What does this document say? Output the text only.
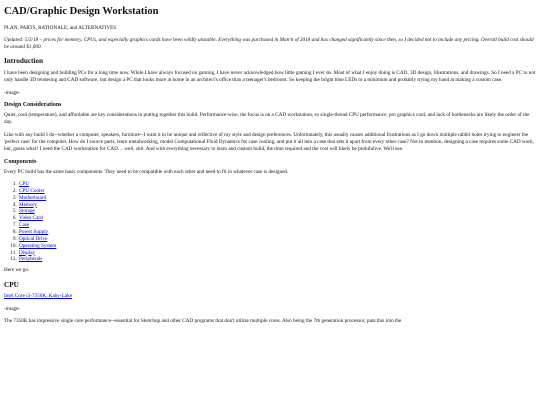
CAD/Graphic Design Workstation

PLAN, PARTS, RATIONALE, and ALTERNATIVES

Updated: 5/3/18 – prices for memory, CPUs, and especially graphics cards have been wildly unstable. Everything was purchased in March of 2018 and has changed significantly since then, so I decided not to include any pricing. Overall build cost should be around $1,000.

Introduction

I have been designing and building PCs for a long time now. While I have always focused on gaming, I have never acknowledged how little gaming I ever do. Most of what I enjoy doing is CAD, 3D design, illustrations, and drawings. So I need a PC to not only handle 3D rendering and CAD software, but design a PC that looks more at home in an architect's office than a teenager's bedroom. So keeping the bright blue LEDs to a minimum and probably trying my hand at making a custom case.

-image-

Design Considerations

Quiet, cool (temperature), and affordable are key considerations in putting together this build. Performance-wise, the focus is on a CAD workstation, so single-thread CPU performance, pro graphics card, and lack of bottlenecks are likely the order of the day.

Like with any build I do--whether a computer, speakers, furniture--I want it to be unique and reflective of my style and design preferences. Unfortunately, this usually causes additional frustrations as I go down multiple rabbit holes trying to engineer the 'perfect case' for the computer. How do I source parts, learn metalworking, model Computational Fluid Dynamics for case cooling, and put it all into a case that sets it apart from every other case? Not to mention, designing a case requires some CAD work, but, guess what? I need the CAD workstation for CAD… well, shit. And with everything necessary to learn and custom build, the time required and the cost will likely be prohibitive. We'll see.

Components

Every PC build has the same basic components. They need to be compatible with each other and need to fit in whatever case is designed.

1. CPU
2. CPU Cooler
3. Motherboard
4. Memory
5. Storage
6. Video Card
7. Case
8. Power Supply
9. Optical Drive
10. Operating System
11. Display
12. Peripherals

Here we go.

CPU

Intel Core i3-7350K, Kaby-Lake

-image-

The 7350K has impressive single core performance--essential for Sketchup and other CAD programs that don't utilize multiple cores. Also being the 7th generation processor, puts this into the
